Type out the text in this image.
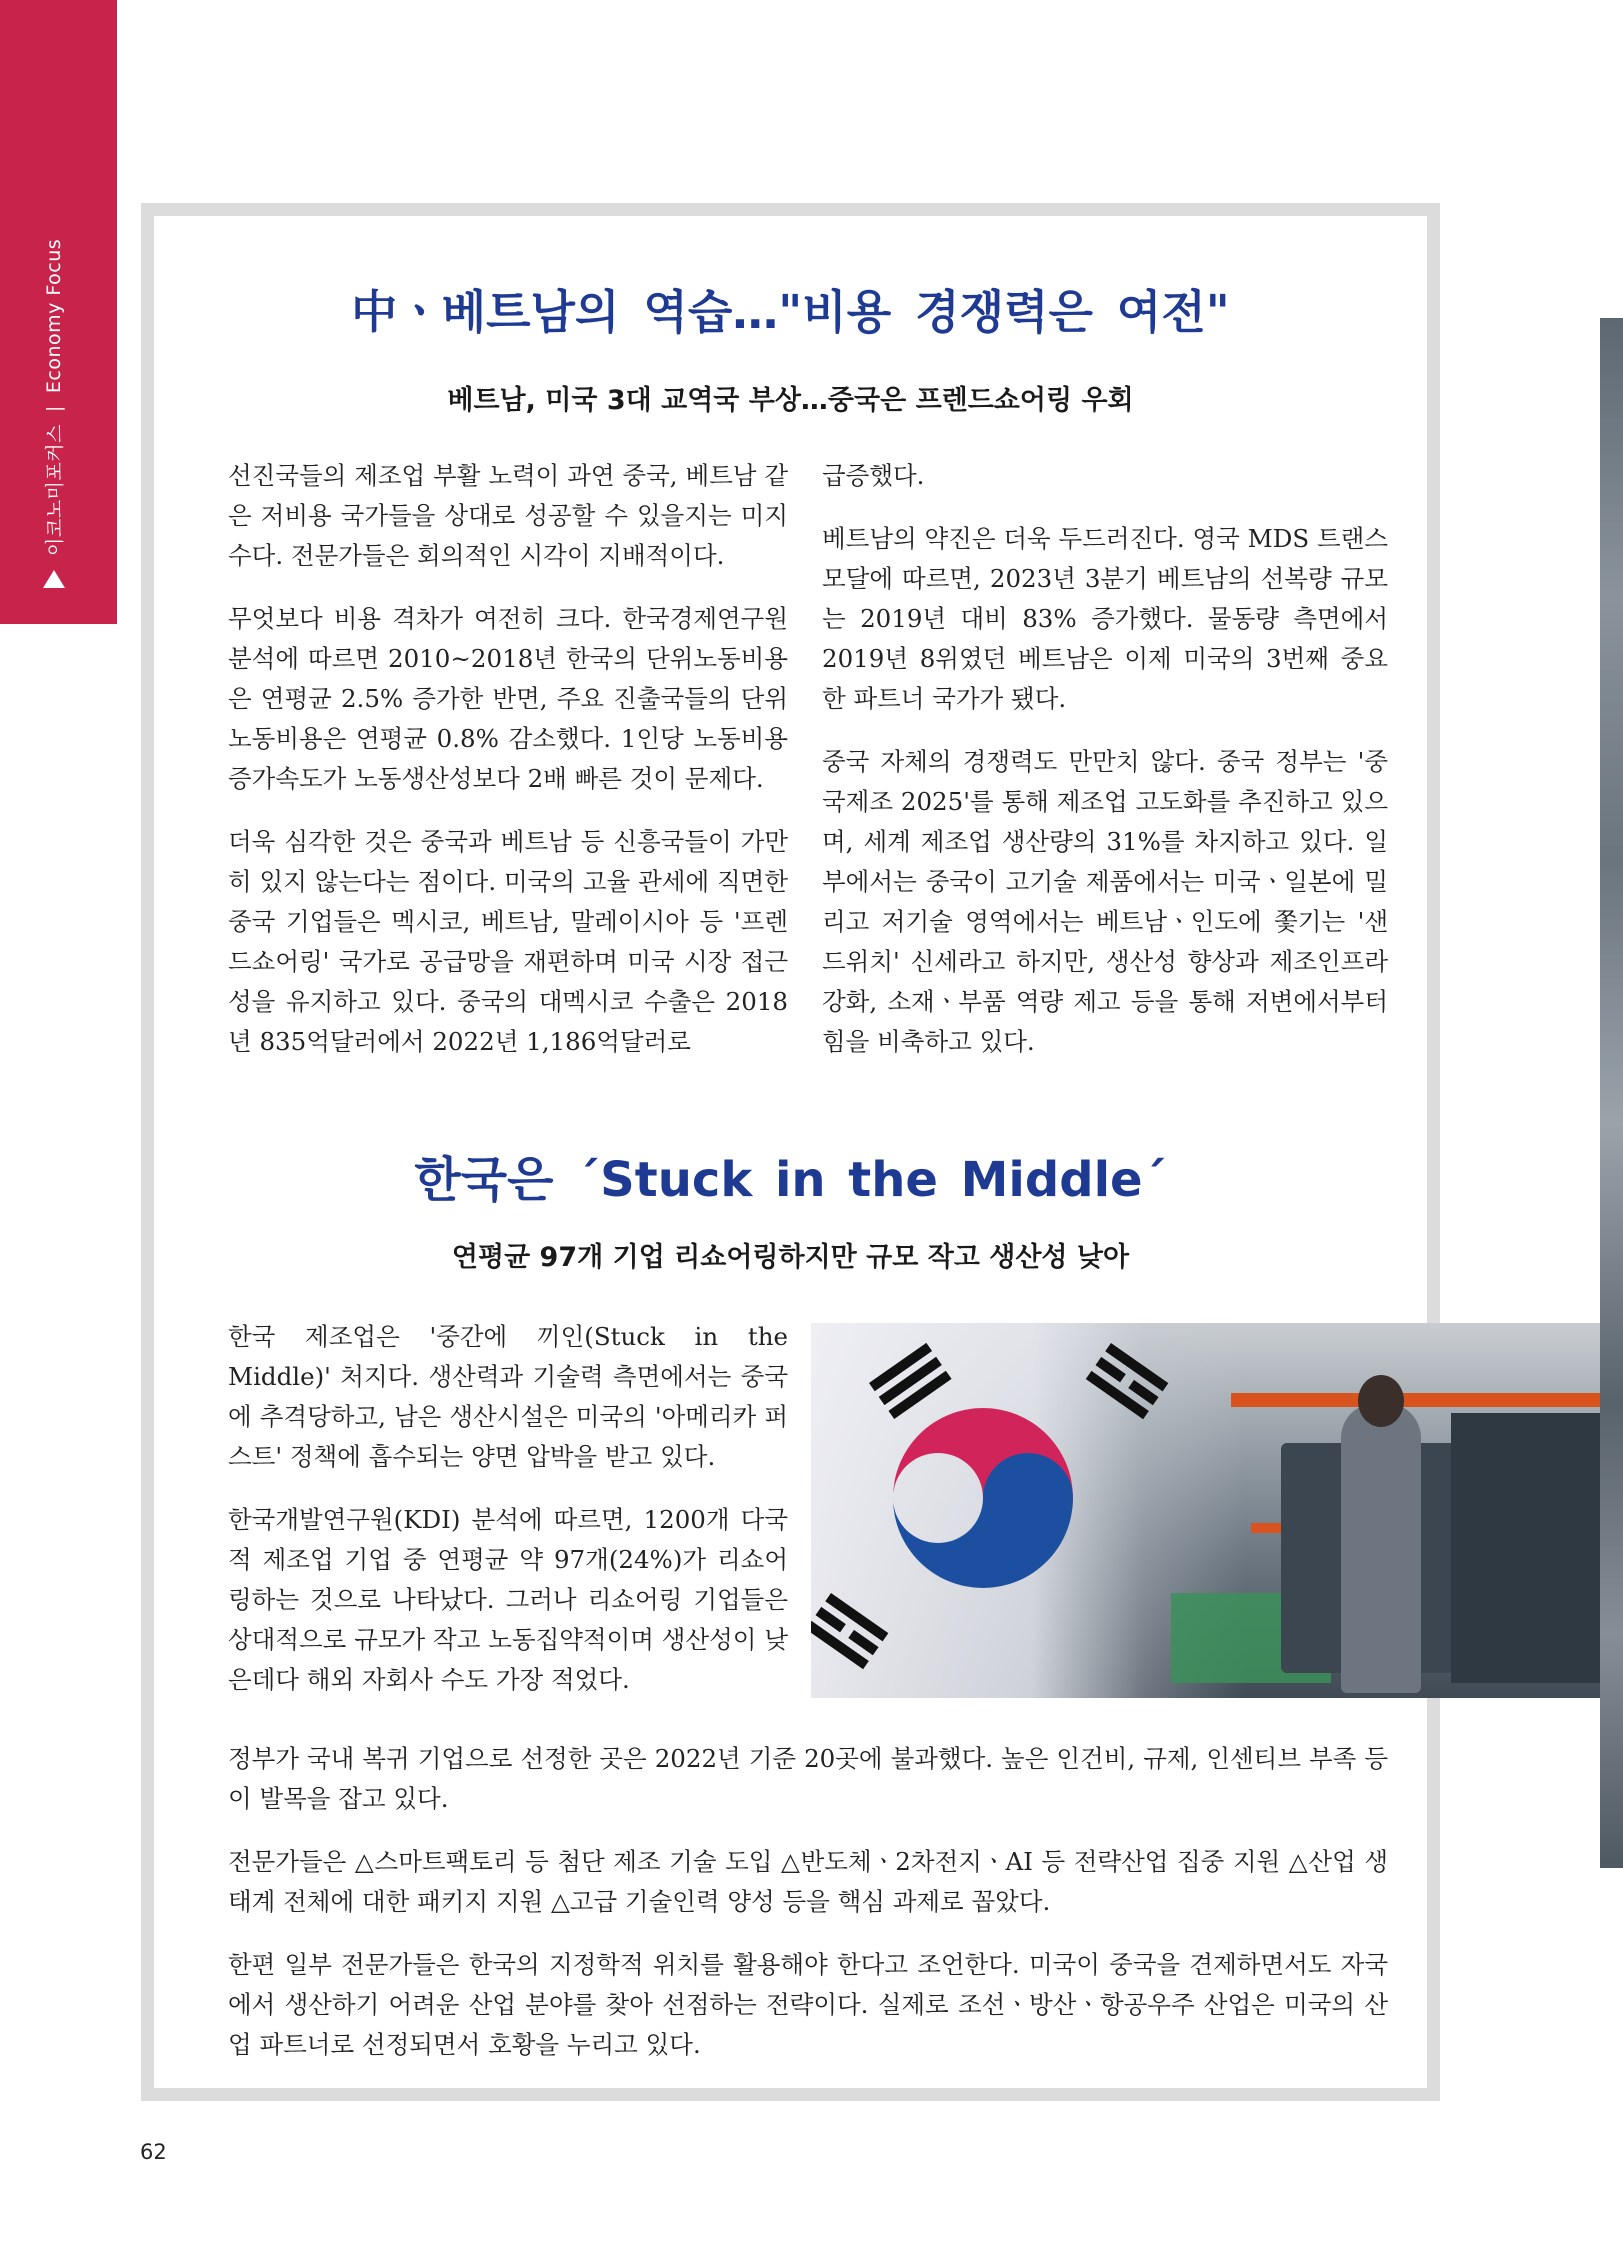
이코노미포커스
|
Economy Focus	中ㆍ베트남의 역습…"비용 경쟁력은 여전"
베트남, 미국 3대 교역국 부상…중국은 프렌드쇼어링 우회

선진국들의 제조업 부활 노력이 과연 중국, 베트남 같은 저비용 국가들을 상대로 성공할 수 있을지는 미지수다. 전문가들은 회의적인 시각이 지배적이다.

무엇보다 비용 격차가 여전히 크다. 한국경제연구원 분석에 따르면 2010~2018년 한국의 단위노동비용은 연평균 2.5% 증가한 반면, 주요 진출국들의 단위노동비용은 연평균 0.8% 감소했다. 1인당 노동비용 증가속도가 노동생산성보다 2배 빠른 것이 문제다.

더욱 심각한 것은 중국과 베트남 등 신흥국들이 가만히 있지 않는다는 점이다. 미국의 고율 관세에 직면한 중국 기업들은 멕시코, 베트남, 말레이시아 등 '프렌드쇼어링' 국가로 공급망을 재편하며 미국 시장 접근성을 유지하고 있다. 중국의 대멕시코 수출은 2018년 835억달러에서 2022년 1,186억달러로

급증했다.

베트남의 약진은 더욱 두드러진다. 영국 MDS 트랜스모달에 따르면, 2023년 3분기 베트남의 선복량 규모는 2019년 대비 83% 증가했다. 물동량 측면에서 2019년 8위였던 베트남은 이제 미국의 3번째 중요한 파트너 국가가 됐다.

중국 자체의 경쟁력도 만만치 않다. 중국 정부는 '중국제조 2025'를 통해 제조업 고도화를 추진하고 있으며, 세계 제조업 생산량의 31%를 차지하고 있다. 일부에서는 중국이 고기술 제품에서는 미국ㆍ일본에 밀리고 저기술 영역에서는 베트남ㆍ인도에 쫓기는 '샌드위치' 신세라고 하지만, 생산성 향상과 제조인프라 강화, 소재ㆍ부품 역량 제고 등을 통해 저변에서부터 힘을 비축하고 있다.

한국은 ´Stuck in the Middle´
연평균 97개 기업 리쇼어링하지만 규모 작고 생산성 낮아

한국 제조업은 '중간에 끼인(Stuck in the Middle)' 처지다. 생산력과 기술력 측면에서는 중국에 추격당하고, 남은 생산시설은 미국의 '아메리카 퍼스트' 정책에 흡수되는 양면 압박을 받고 있다.

한국개발연구원(KDI) 분석에 따르면, 1200개 다국적 제조업 기업 중 연평균 약 97개(24%)가 리쇼어링하는 것으로 나타났다. 그러나 리쇼어링 기업들은 상대적으로 규모가 작고 노동집약적이며 생산성이 낮은데다 해외 자회사 수도 가장 적었다.

정부가 국내 복귀 기업으로 선정한 곳은 2022년 기준 20곳에 불과했다. 높은 인건비, 규제, 인센티브 부족 등이 발목을 잡고 있다.

전문가들은 △스마트팩토리 등 첨단 제조 기술 도입 △반도체ㆍ2차전지ㆍAI 등 전략산업 집중 지원 △산업 생태계 전체에 대한 패키지 지원 △고급 기술인력 양성 등을 핵심 과제로 꼽았다.

한편 일부 전문가들은 한국의 지정학적 위치를 활용해야 한다고 조언한다. 미국이 중국을 견제하면서도 자국에서 생산하기 어려운 산업 분야를 찾아 선점하는 전략이다. 실제로 조선ㆍ방산ㆍ항공우주 산업은 미국의 산업 파트너로 선정되면서 호황을 누리고 있다.

62
